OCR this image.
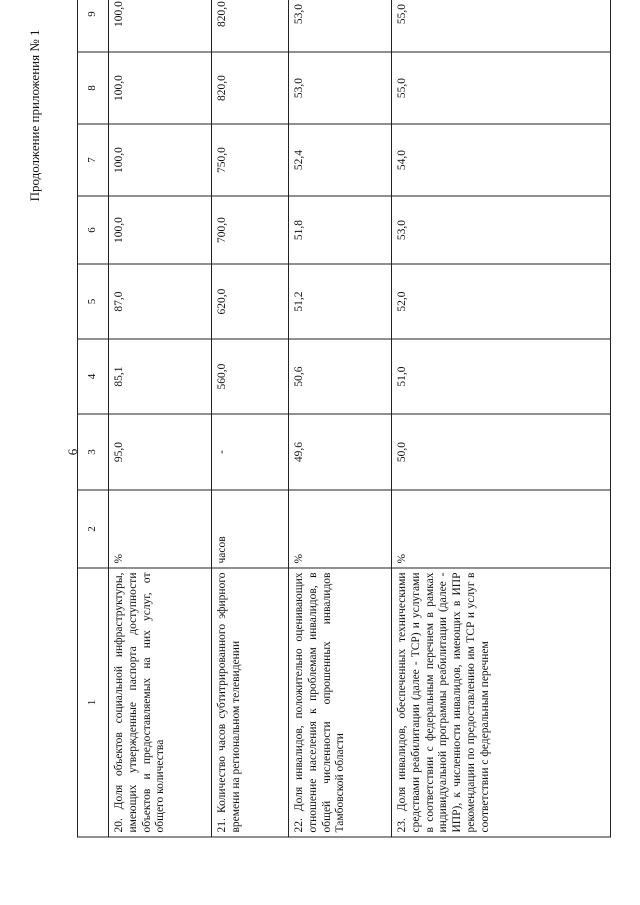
Продолжение приложения № 1
6
1	2	3	4	5	6	7	8	9
20. Доля объектов социальной инфраструктуры, имеющих утвержденные паспорта доступности объектов и предоставляемых на них услуг, от общего количества	%	95,0	85,1	87,0	100,0	100,0	100,0	100,0
21. Количество часов субтитрированного эфирного времени на региональном телевидении	часов	-	560,0	620,0	700,0	750,0	820,0	820,0
22. Доля инвалидов, положительно оценивающих отношение населения к проблемам инвалидов, в общей численности опрошенных инвалидов Тамбовской области	%	49,6	50,6	51,2	51,8	52,4	53,0	53,0
23. Доля инвалидов, обеспеченных техническими средствами реабилитации (далее - ТСР) и услугами в соответствии с федеральным перечнем в рамках индивидуальной программы реабилитации (далее - ИПР), к численности инвалидов, имеющих в ИПР рекомендации по предоставлению им ТСР и услуг в соответствии с федеральным перечнем	%	50,0	51,0	52,0	53,0	54,0	55,0	55,0
